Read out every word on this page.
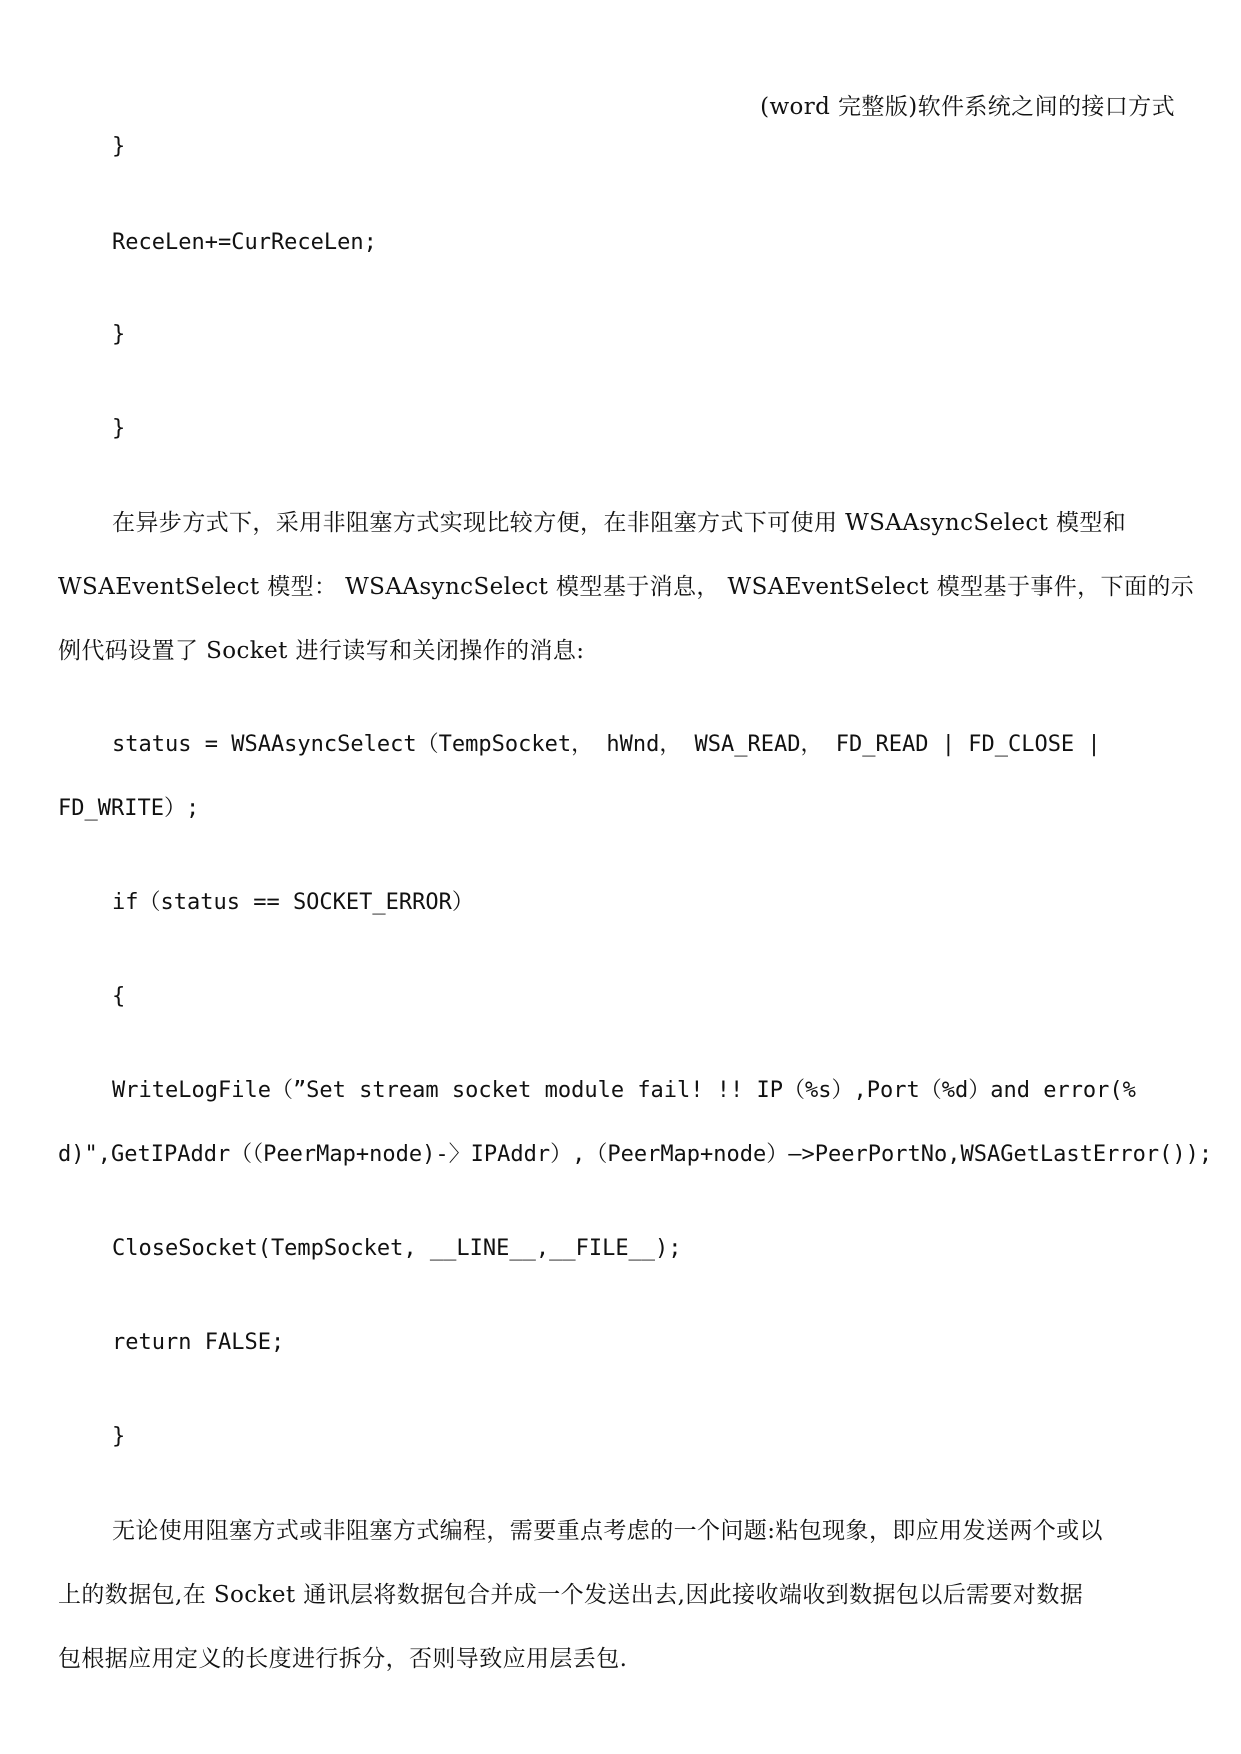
(word 完整版)软件系统之间的接口方式
}
ReceLen+=CurReceLen;
}
}
在异步方式下，采用非阻塞方式实现比较方便，在非阻塞方式下可使用 WSAAsyncSelect 模型和
WSAEventSelect 模型： WSAAsyncSelect 模型基于消息， WSAEventSelect 模型基于事件，下面的示
例代码设置了 Socket 进行读写和关闭操作的消息:
status = WSAAsyncSelect（TempSocket， hWnd， WSA_READ， FD_READ | FD_CLOSE |
FD_WRITE）;
if（status == SOCKET_ERROR）
{
WriteLogFile（”Set stream socket module fail! !! IP（%s）,Port（%d）and error(%
d)",GetIPAddr（（PeerMap+node)-〉IPAddr）,（PeerMap+node）—>PeerPortNo,WSAGetLastError());
CloseSocket(TempSocket, __LINE__,__FILE__);
return FALSE;
}
无论使用阻塞方式或非阻塞方式编程，需要重点考虑的一个问题:粘包现象，即应用发送两个或以
上的数据包,在 Socket 通讯层将数据包合并成一个发送出去,因此接收端收到数据包以后需要对数据
包根据应用定义的长度进行拆分，否则导致应用层丢包.
